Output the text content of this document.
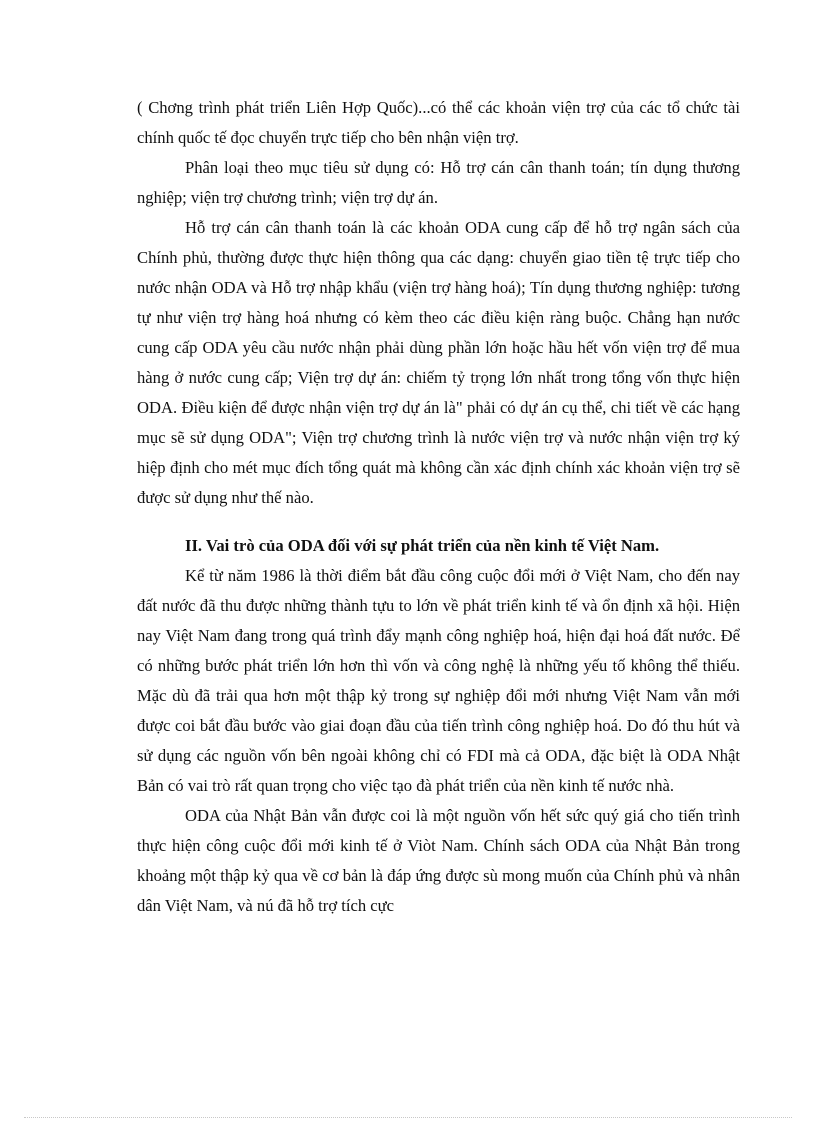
( Chơng trình phát triển Liên Hợp Quốc)...có thể các khoản viện trợ của các tổ chức tài chính quốc tế đọc chuyển trực tiếp cho bên nhận viện trợ.

Phân loại theo mục tiêu sử dụng có: Hỗ trợ cán cân thanh toán; tín dụng thương nghiệp; viện trợ chương trình; viện trợ dự án.

Hỗ trợ cán cân thanh toán là các khoản ODA cung cấp để hỗ trợ ngân sách của Chính phủ, thường được thực hiện thông qua các dạng: chuyển giao tiền tệ trực tiếp cho nước nhận ODA và Hỗ trợ nhập khẩu (viện trợ hàng hoá); Tín dụng thương nghiệp: tương tự như viện trợ hàng hoá nhưng có kèm theo các điều kiện ràng buộc. Chẳng hạn nước cung cấp ODA yêu cầu nước nhận phải dùng phần lớn hoặc hầu hết vốn viện trợ để mua hàng ở nước cung cấp; Viện trợ dự án: chiếm tỷ trọng lớn nhất trong tổng vốn thực hiện ODA. Điều kiện để được nhận viện trợ dự án là" phải có dự án cụ thể, chi tiết về các hạng mục sẽ sử dụng ODA"; Viện trợ chương trình là nước viện trợ và nước nhận viện trợ ký hiệp định cho mét mục đích tổng quát mà không cần xác định chính xác khoản viện trợ sẽ được sử dụng như thế nào.

II. Vai trò của ODA đối với sự phát triển của nền kinh tế Việt Nam.

Kể từ năm 1986 là thời điểm bắt đầu công cuộc đổi mới ở Việt Nam, cho đến nay đất nước đã thu được những thành tựu to lớn về phát triển kinh tế và ổn định xã hội. Hiện nay Việt Nam đang trong quá trình đẩy mạnh công nghiệp hoá, hiện đại hoá đất nước. Để có những bước phát triển lớn hơn thì vốn và công nghệ là những yếu tố không thể thiếu. Mặc dù đã trải qua hơn một thập kỷ trong sự nghiệp đổi mới nhưng Việt Nam vẫn mới được coi bắt đầu bước vào giai đoạn đầu của tiến trình công nghiệp hoá. Do đó thu hút và sử dụng các nguồn vốn bên ngoài không chỉ có FDI mà cả ODA, đặc biệt là ODA Nhật Bản có vai trò rất quan trọng cho việc tạo đà phát triển của nền kinh tế nước nhà.

ODA của Nhật Bản vẫn được coi là một nguồn vốn hết sức quý giá cho tiến trình thực hiện công cuộc đổi mới kinh tế ở Viòt Nam. Chính sách ODA của Nhật Bản trong khoảng một thập kỷ qua về cơ bản là đáp ứng được sù mong muốn của Chính phủ và nhân dân Việt Nam, và nú đã hỗ trợ tích cực
